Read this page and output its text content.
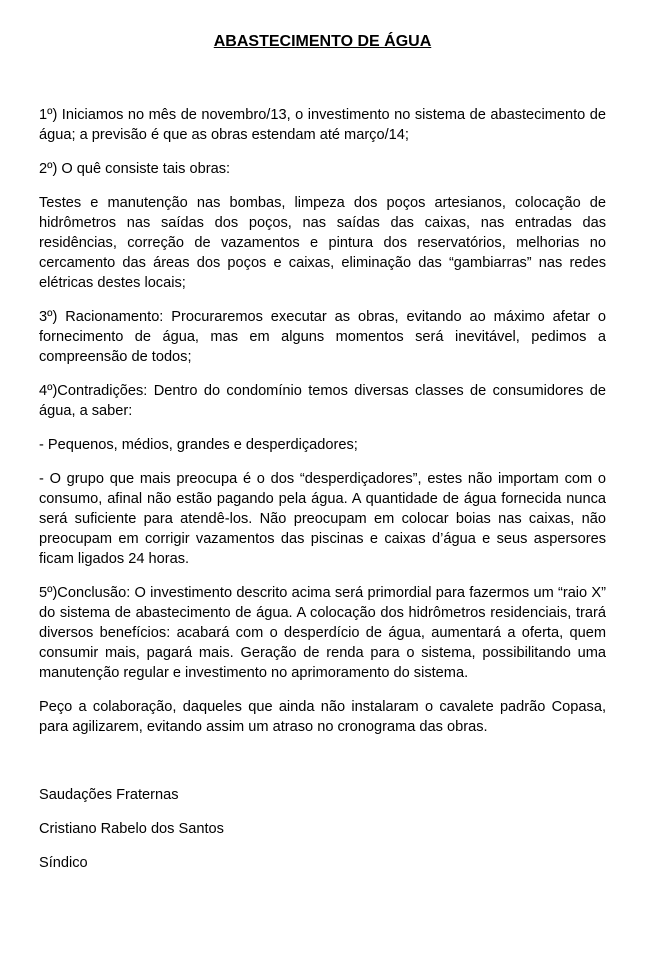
ABASTECIMENTO DE ÁGUA

1º) Iniciamos no mês de novembro/13, o investimento no sistema de abastecimento de água; a previsão é que as obras estendam até março/14;

2º) O quê consiste tais obras:

Testes e manutenção nas bombas, limpeza dos poços artesianos, colocação de hidrômetros nas saídas dos poços, nas saídas das caixas, nas entradas das residências, correção de vazamentos e pintura dos reservatórios, melhorias no cercamento das áreas dos poços e caixas, eliminação das “gambiarras” nas redes elétricas destes locais;

3º) Racionamento: Procuraremos executar as obras, evitando ao máximo afetar o fornecimento de água, mas em alguns momentos será inevitável, pedimos a compreensão de todos;

4º)Contradições: Dentro do condomínio temos diversas classes de consumidores de água, a saber:

- Pequenos, médios, grandes e desperdiçadores;

- O grupo que mais preocupa é o dos “desperdiçadores”, estes não importam com o consumo, afinal não estão pagando pela água. A quantidade de água fornecida nunca será suficiente para atendê-los. Não preocupam em colocar boias nas caixas, não preocupam em corrigir vazamentos das piscinas e caixas d’água e seus aspersores ficam ligados 24 horas.

5º)Conclusão: O investimento descrito acima será primordial para fazermos um “raio X” do sistema de abastecimento de água. A colocação dos hidrômetros residenciais, trará diversos benefícios: acabará com o desperdício de água, aumentará a oferta, quem consumir mais, pagará mais. Geração de renda para o sistema, possibilitando uma manutenção regular e investimento no aprimoramento do sistema.

Peço a colaboração, daqueles que ainda não instalaram o cavalete padrão Copasa, para agilizarem, evitando assim um atraso no cronograma das obras.

Saudações Fraternas

Cristiano Rabelo dos Santos

Síndico
